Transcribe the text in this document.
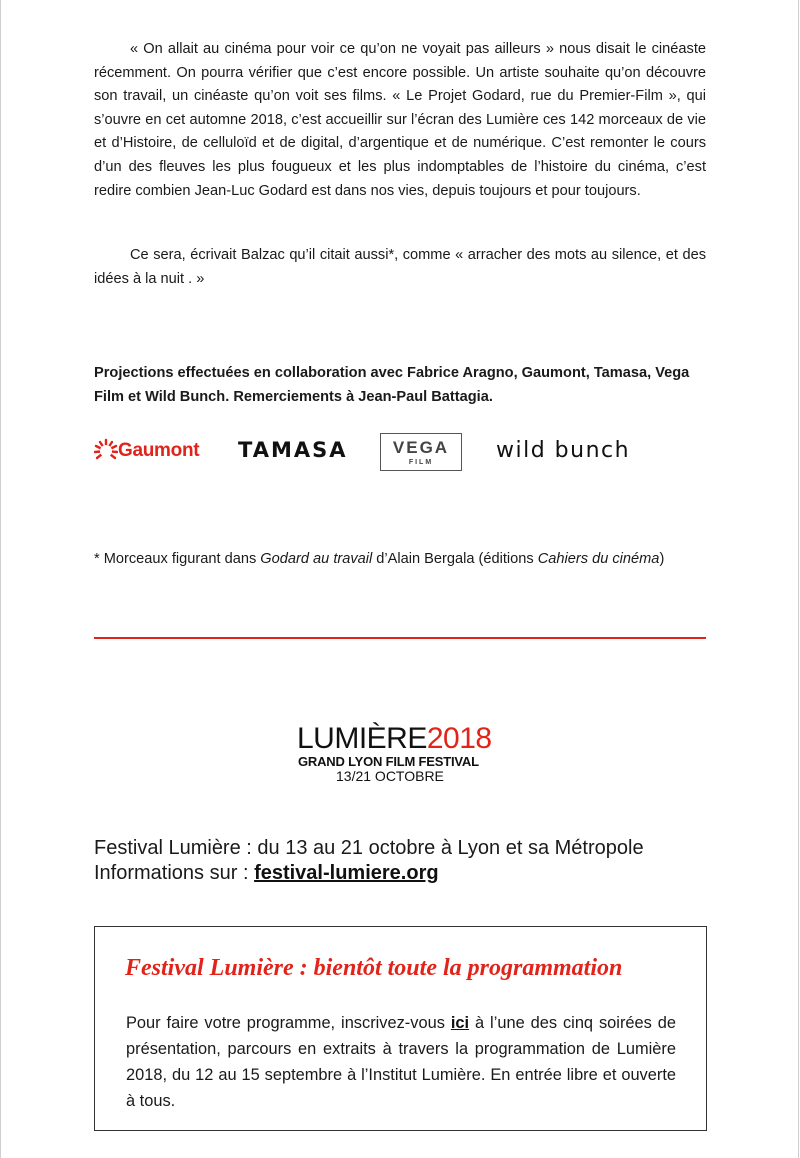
« On allait au cinéma pour voir ce qu’on ne voyait pas ailleurs » nous disait le cinéaste récemment. On pourra vérifier que c’est encore possible. Un artiste souhaite qu’on découvre son travail, un cinéaste qu’on voit ses films. « Le Projet Godard, rue du Premier-Film », qui s’ouvre en cet automne 2018, c’est accueillir sur l’écran des Lumière ces 142 morceaux de vie et d’Histoire, de celluloïd et de digital, d’argentique et de numérique. C’est remonter le cours d’un des fleuves les plus fougueux et les plus indomptables de l’histoire du cinéma, c’est redire combien Jean-Luc Godard est dans nos vies, depuis toujours et pour toujours.

Ce sera, écrivait Balzac qu’il citait aussi*, comme « arracher des mots au silence, et des idées à la nuit . »

Projections effectuées en collaboration avec Fabrice Aragno, Gaumont, Tamasa, Vega Film et Wild Bunch. Remerciements à Jean-Paul Battagia.

Gaumont TAMASA	VEGA
FILM	wild bunch

* Morceaux figurant dans Godard au travail d’Alain Bergala (éditions Cahiers du cinéma)

LUMIÈRE2018
GRAND LYON FILM FESTIVAL
13/21 OCTOBRE

Festival Lumière : du 13 au 21 octobre à Lyon et sa Métropole
Informations sur : festival-lumiere.org

Festival Lumière : bientôt toute la programmation

Pour faire votre programme, inscrivez-vous ici à l’une des cinq soirées de présentation, parcours en extraits à travers la programmation de Lumière 2018, du 12 au 15 septembre à l’Institut Lumière. En entrée libre et ouverte à tous.
